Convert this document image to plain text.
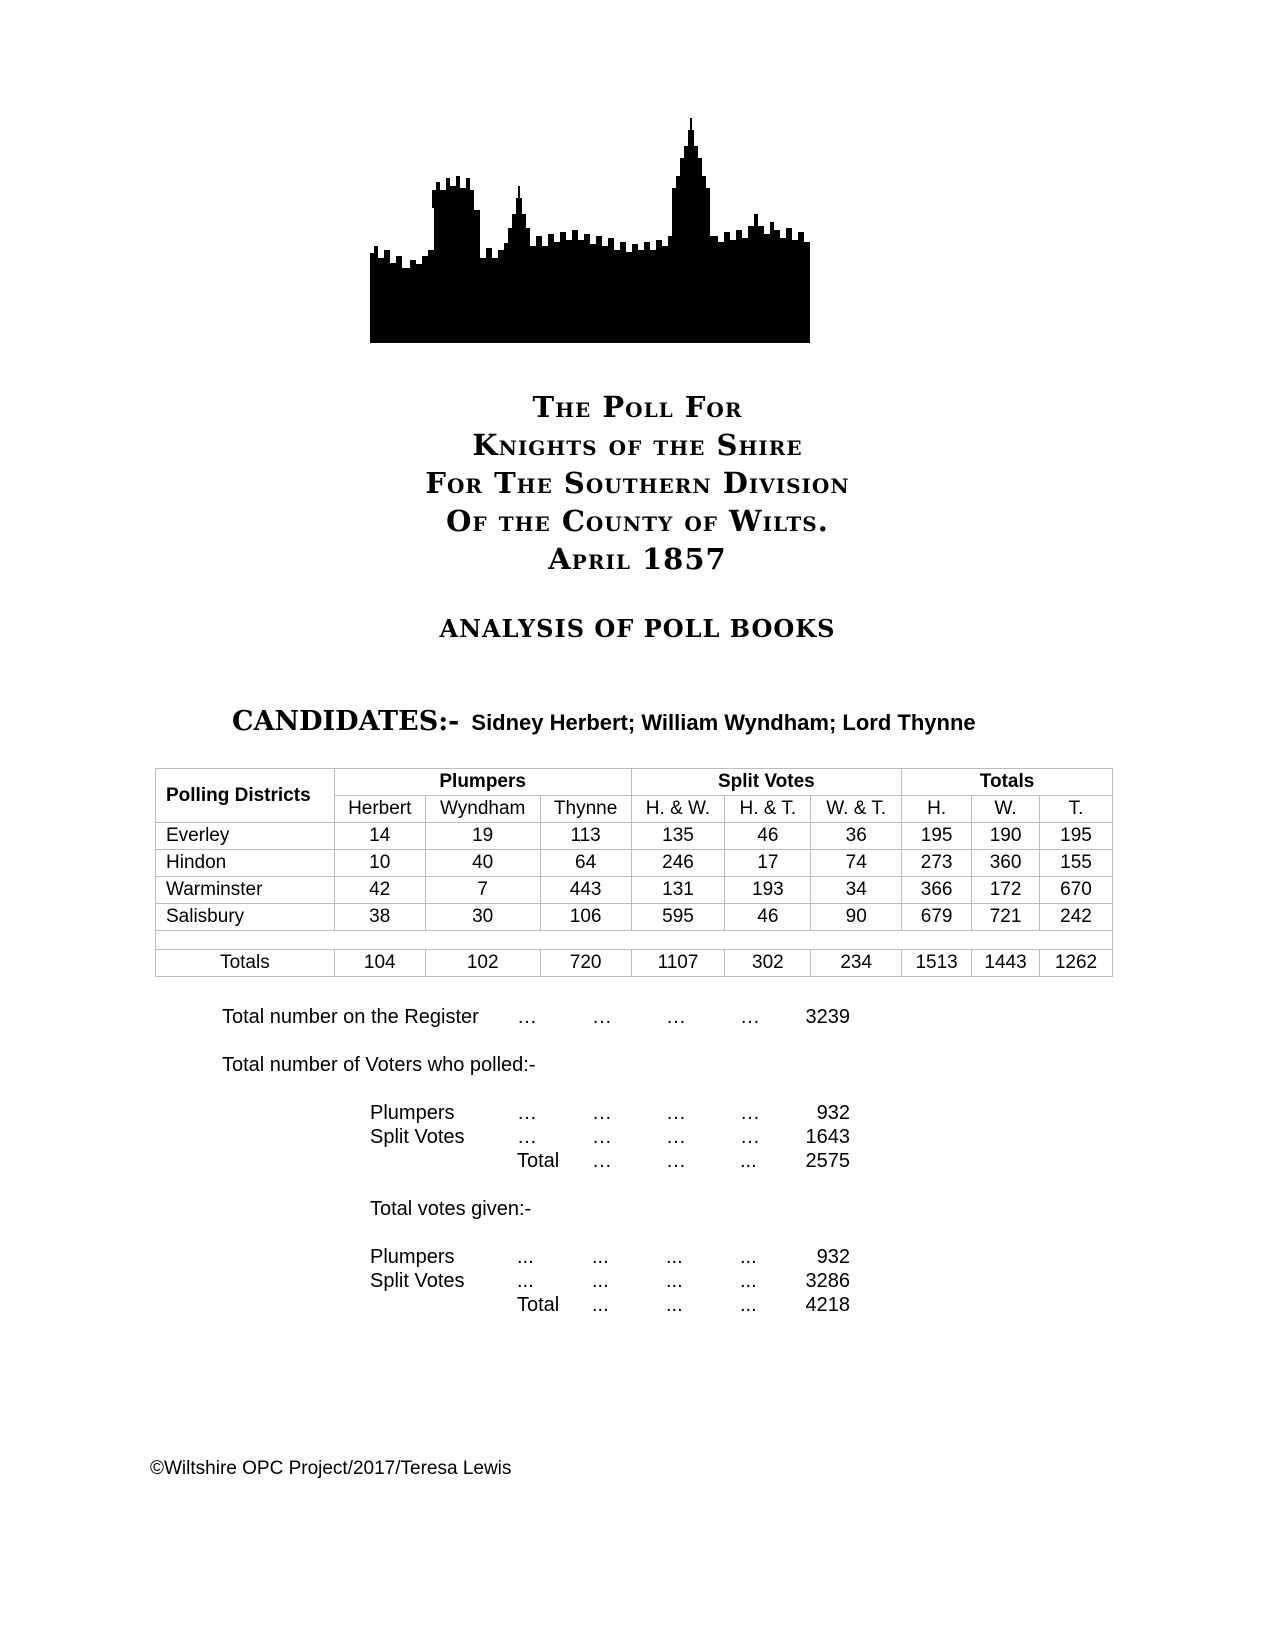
The Poll For
Knights of the Shire
For The Southern Division
Of the County of Wilts.
April 1857
ANALYSIS OF POLL BOOKS
CANDIDATES:- Sidney Herbert; William Wyndham; Lord Thynne
Polling Districts	Plumpers			Split Votes			Totals		
	Herbert	Wyndham	Thynne	H. & W.	H. & T.	W. & T.	H.	W.	T.
Everley	14	19	113	135	46	36	195	190	195
Hindon	10	40	64	246	17	74	273	360	155
Warminster	42	7	443	131	193	34	366	172	670
Salisbury	38	30	106	595	46	90	679	721	242

Totals	104	102	720	1107	302	234	1513	1443	1262
Total number on the Register …	…	…	…	3239
Total number of Voters who polled:-
Plumpers	…	…	…	…	932
Split Votes	…	…	…	…	1643
Total …	…	...	2575
Total votes given:-
Plumpers	...	...	...	...	932
Split Votes	...	...	...	...	3286
Total ...	...	...	4218
©Wiltshire OPC Project/2017/Teresa Lewis
